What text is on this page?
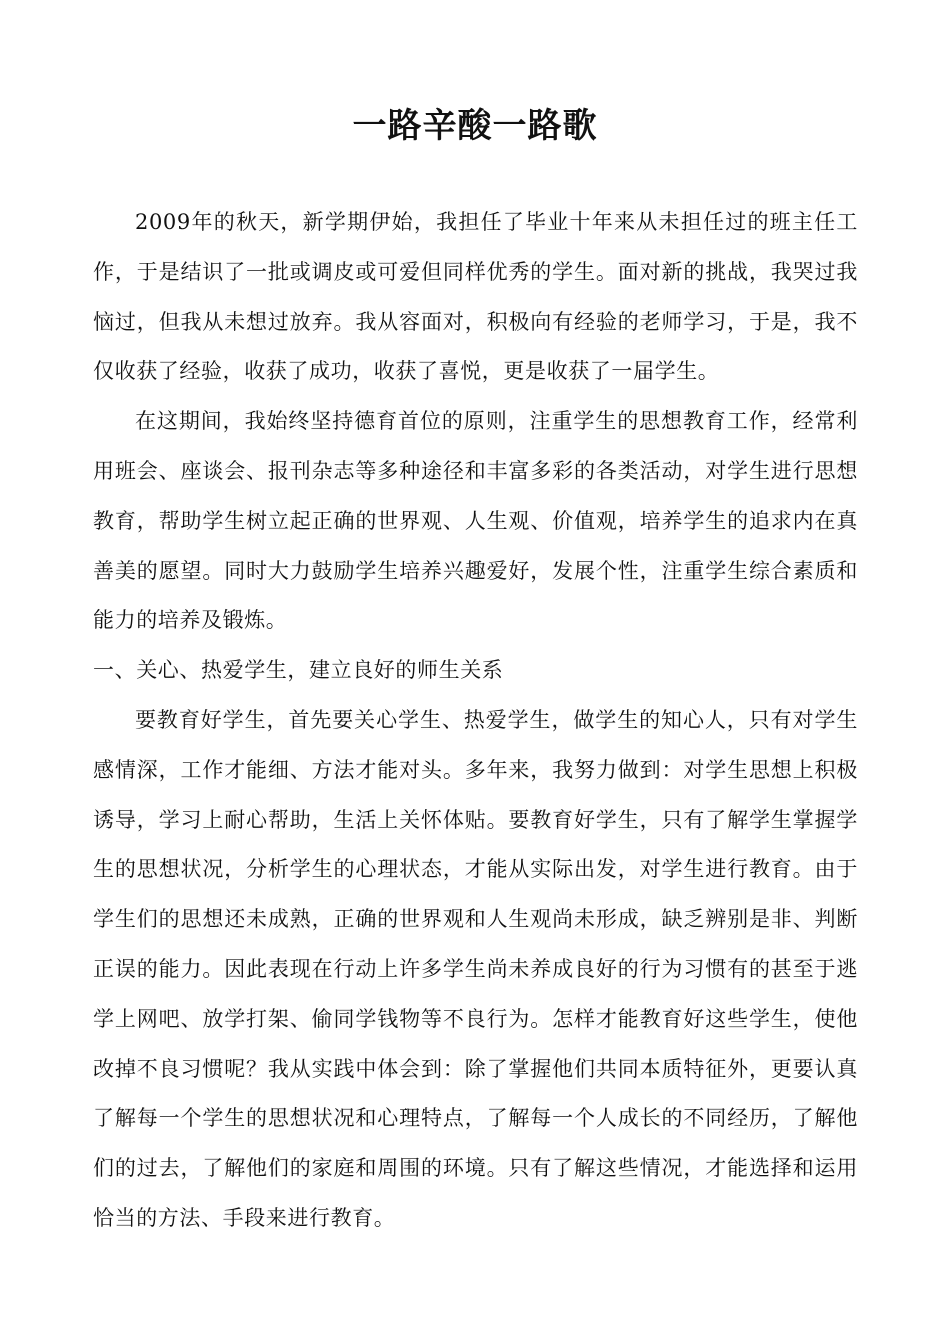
一路辛酸一路歌

2009年的秋天，新学期伊始，我担任了毕业十年来从未担任过的班主任工作，于是结识了一批或调皮或可爱但同样优秀的学生。面对新的挑战，我哭过我恼过，但我从未想过放弃。我从容面对，积极向有经验的老师学习，于是，我不仅收获了经验，收获了成功，收获了喜悦，更是收获了一届学生。

在这期间，我始终坚持德育首位的原则，注重学生的思想教育工作，经常利用班会、座谈会、报刊杂志等多种途径和丰富多彩的各类活动，对学生进行思想教育，帮助学生树立起正确的世界观、人生观、价值观，培养学生的追求内在真善美的愿望。同时大力鼓励学生培养兴趣爱好，发展个性，注重学生综合素质和能力的培养及锻炼。

一、关心、热爱学生，建立良好的师生关系

要教育好学生，首先要关心学生、热爱学生，做学生的知心人，只有对学生感情深，工作才能细、方法才能对头。多年来，我努力做到：对学生思想上积极诱导，学习上耐心帮助，生活上关怀体贴。要教育好学生，只有了解学生掌握学生的思想状况，分析学生的心理状态，才能从实际出发，对学生进行教育。由于学生们的思想还未成熟，正确的世界观和人生观尚未形成，缺乏辨别是非、判断正误的能力。因此表现在行动上许多学生尚未养成良好的行为习惯有的甚至于逃学上网吧、放学打架、偷同学钱物等不良行为。怎样才能教育好这些学生，使他改掉不良习惯呢？我从实践中体会到：除了掌握他们共同本质特征外，更要认真了解每一个学生的思想状况和心理特点，了解每一个人成长的不同经历，了解他们的过去，了解他们的家庭和周围的环境。只有了解这些情况，才能选择和运用恰当的方法、手段来进行教育。
